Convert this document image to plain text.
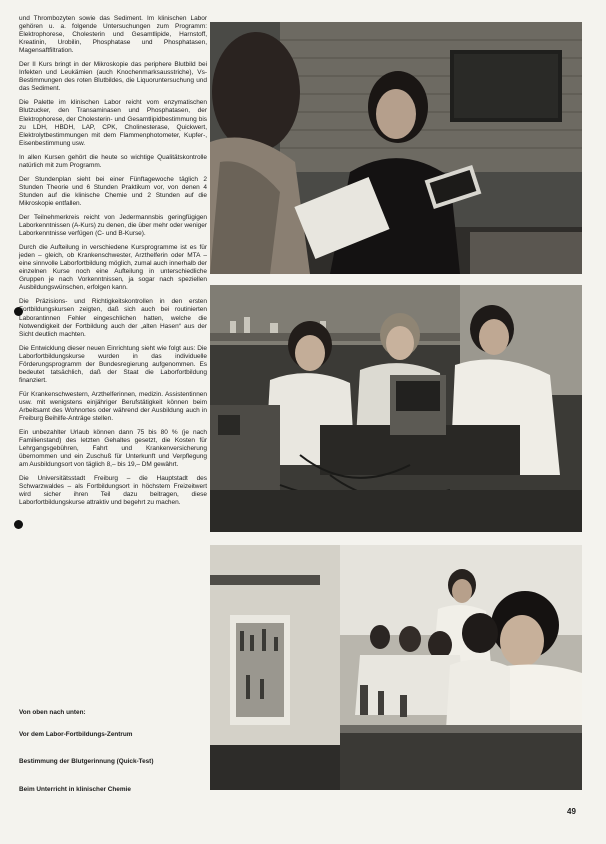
und Thrombozyten sowie das Sediment. Im klinischen Labor gehören u. a. folgende Untersuchungen zum Programm: Elektrophorese, Cholesterin und Gesamtlipide, Harnstoff, Kreatinin, Urobilin, Phosphatase und Phosphatasen, Magensaftfiltration.

Der II Kurs bringt in der Mikroskopie das periphere Blutbild bei Infekten und Leukämien (auch Knochenmarksausstriche), Vs-Bestimmungen des roten Blutbildes, die Liquoruntersuchung und das Sediment.

Die Palette im klinischen Labor reicht vom enzymatischen Blutzucker, den Transaminasen und Phosphatasen, der Elektrophorese, der Cholesterin- und Gesamtlipidbestimmung bis zu LDH, HBDH, LAP, CPK, Cholinesterase, Quickwert, Elektrolytbestimmungen mit dem Flammenphotometer, Kupfer-, Eisenbestimmung usw.

In allen Kursen gehört die heute so wichtige Qualitätskontrolle natürlich mit zum Programm.

Der Stundenplan sieht bei einer Fünftagewoche täglich 2 Stunden Theorie und 6 Stunden Praktikum vor, von denen 4 Stunden auf die klinische Chemie und 2 Stunden auf die Mikroskopie entfallen.

Der Teilnehmerkreis reicht von Jedermannsbis geringfügigen Laborkenntnissen (A-Kurs) zu denen, die über mehr oder weniger Laborkenntnisse verfügen (C- und B-Kurse).

Durch die Aufteilung in verschiedene Kursprogramme ist es für jeden – gleich, ob Krankenschwester, Arzthelferin oder MTA – eine sinnvolle Laborfortbildung möglich, zumal auch innerhalb der einzelnen Kurse noch eine Aufteilung in unterschiedliche Gruppen je nach Vorkenntnissen, ja sogar nach speziellen Ausbildungswünschen, erfolgen kann.

Die Präzisions- und Richtigkeitskontrollen in den ersten Fortbildungskursen zeigten, daß sich auch bei routinierten Laborantinnen Fehler eingeschlichen hatten, welche die Notwendigkeit der Fortbildung auch der „alten Hasen“ aus der Sicht deutlich machten.

Die Entwicklung dieser neuen Einrichtung sieht wie folgt aus: Die Laborfortbildungskurse wurden in das individuelle Förderungsprogramm der Bundesregierung aufgenommen. Es bedeutet tatsächlich, daß der Staat die Laborfortbildung finanziert.

Für Krankenschwestern, Arzthelferinnen, medizin. Assistentinnen usw. mit wenigstens einjähriger Berufstätigkeit können beim Arbeitsamt des Wohnortes oder während der Ausbildung auch in Freiburg Beihilfe-Anträge stellen.

Ein unbezahlter Urlaub können dann 75 bis 80 % (je nach Familienstand) des letzten Gehaltes gesetzt, die Kosten für Lehrgangsgebühren, Fahrt und Krankenversicherung übernommen und ein Zuschuß für Unterkunft und Verpflegung am Ausbildungsort von täglich 8,– bis 19,– DM gewährt.

Die Universitätsstadt Freiburg – die Hauptstadt des Schwarzwaldes – als Fortbildungsort in höchstem Freizeitwert wird sicher ihren Teil dazu beitragen, diese Laborfortbildungskurse attraktiv und begehrt zu machen.

Von oben nach unten:

Vor dem Labor-Fortbildungs-Zentrum

Bestimmung der Blutgerinnung (Quick-Test)

Beim Unterricht in klinischer Chemie

49
